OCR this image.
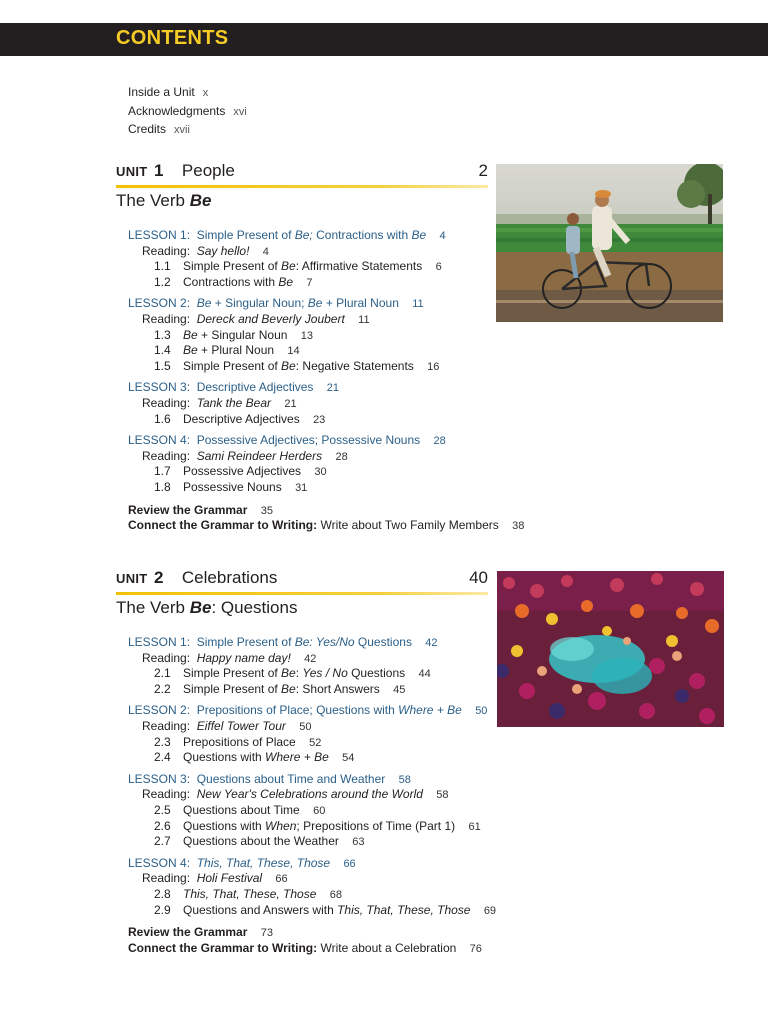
CONTENTS
Inside a Unit x
Acknowledgments xvi
Credits xvii
UNIT 1 People	2
The Verb Be
LESSON 1: Simple Present of Be; Contractions with Be 4
Reading: Say hello! 4
1.1 Simple Present of Be: Affirmative Statements 6
1.2 Contractions with Be 7
LESSON 2: Be + Singular Noun; Be + Plural Noun 11
Reading: Dereck and Beverly Joubert 11
1.3 Be + Singular Noun 13
1.4 Be + Plural Noun 14
1.5 Simple Present of Be: Negative Statements 16
LESSON 3: Descriptive Adjectives 21
Reading: Tank the Bear 21
1.6 Descriptive Adjectives 23
LESSON 4: Possessive Adjectives; Possessive Nouns 28
Reading: Sami Reindeer Herders 28
1.7 Possessive Adjectives 30
1.8 Possessive Nouns 31
Review the Grammar 35
Connect the Grammar to Writing: Write about Two Family Members 38
UNIT 2 Celebrations	40
The Verb Be: Questions
LESSON 1: Simple Present of Be: Yes/No Questions 42
Reading: Happy name day! 42
2.1 Simple Present of Be: Yes / No Questions 44
2.2 Simple Present of Be: Short Answers 45
LESSON 2: Prepositions of Place; Questions with Where + Be 50
Reading: Eiffel Tower Tour 50
2.3 Prepositions of Place 52
2.4 Questions with Where + Be 54
LESSON 3: Questions about Time and Weather 58
Reading: New Year's Celebrations around the World 58
2.5 Questions about Time 60
2.6 Questions with When; Prepositions of Time (Part 1) 61
2.7 Questions about the Weather 63
LESSON 4: This, That, These, Those 66
Reading: Holi Festival 66
2.8 This, That, These, Those 68
2.9 Questions and Answers with This, That, These, Those 69
Review the Grammar 73
Connect the Grammar to Writing: Write about a Celebration 76
